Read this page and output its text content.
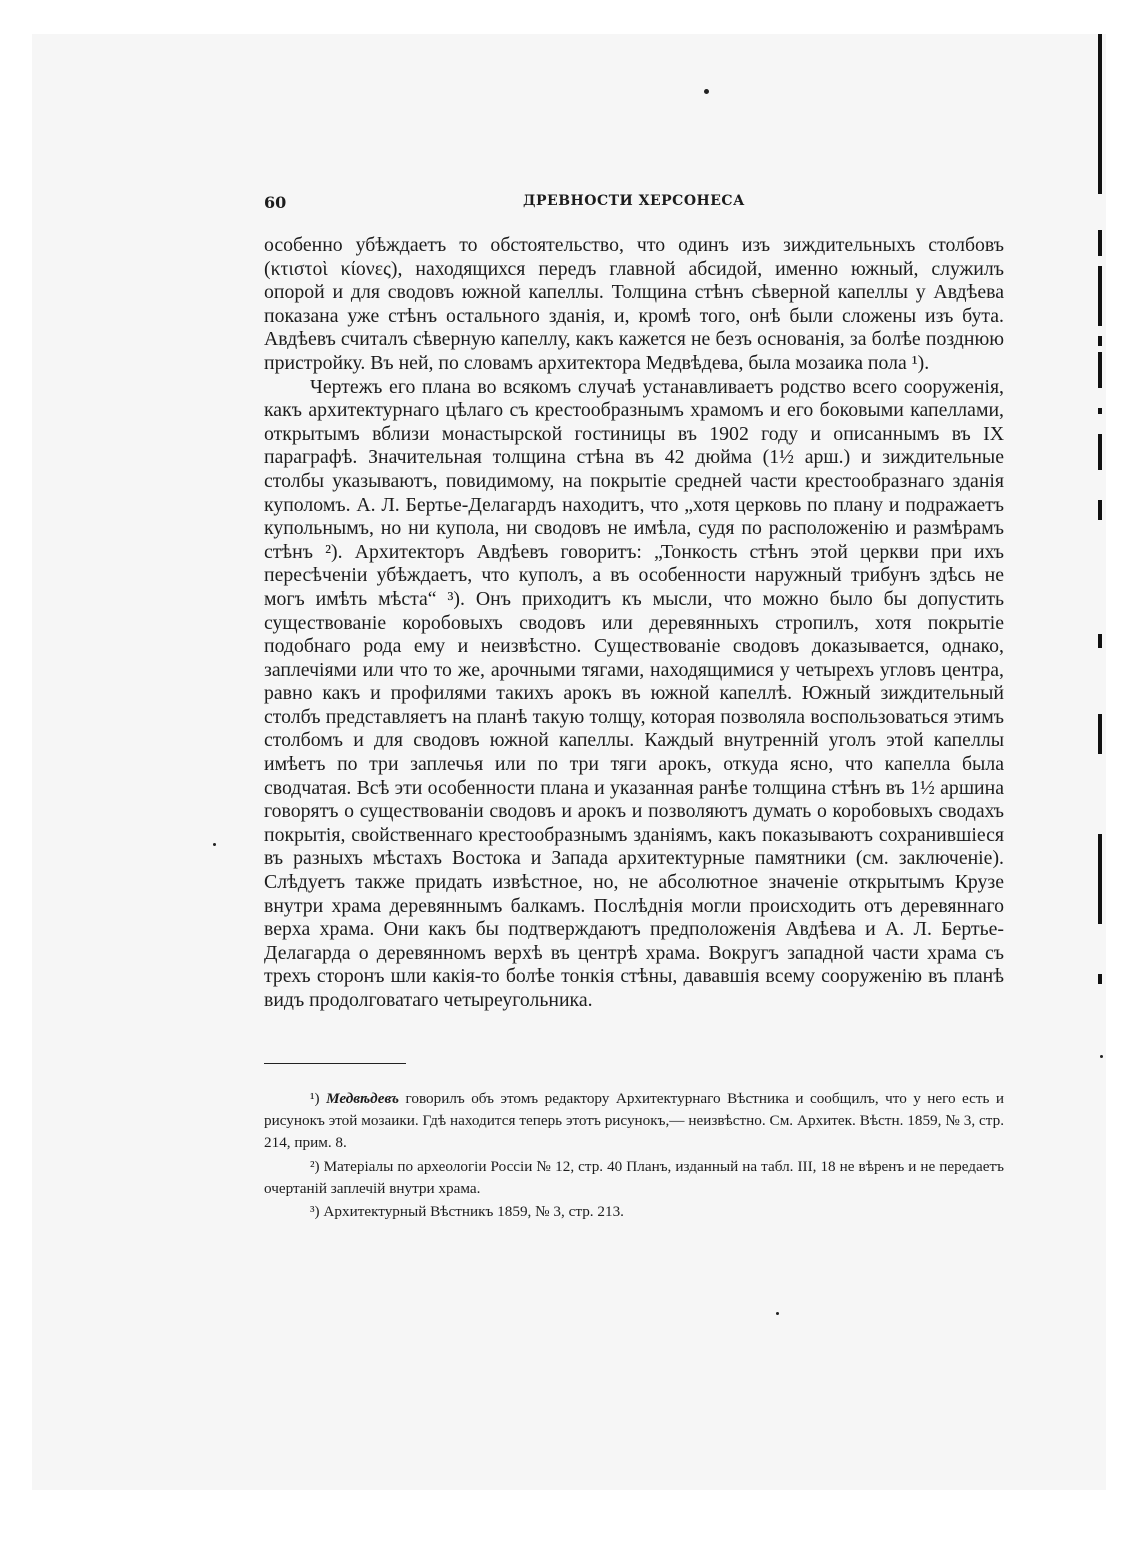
60	ДРЕВНОСТИ ХЕРСОНЕСА

особенно убѣждаетъ то обстоятельство, что одинъ изъ зиждительныхъ столбовъ (κτιστοὶ κίονες), находящихся передъ главной абсидой, именно южный, служилъ опорой и для сводовъ южной капеллы. Толщина стѣнъ сѣверной капеллы у Авдѣева показана уже стѣнъ остального зданія, и, кромѣ того, онѣ были сложены изъ бута. Авдѣевъ считалъ сѣверную капеллу, какъ кажется не безъ основанія, за болѣе позднюю пристройку. Въ ней, по словамъ архитектора Медвѣдева, была мозаика пола ¹).

Чертежъ его плана во всякомъ случаѣ устанавливаетъ родство всего сооруженія, какъ архитектурнаго цѣлаго съ крестообразнымъ храмомъ и его боковыми капеллами, открытымъ вблизи монастырской гостиницы въ 1902 году и описаннымъ въ IX параграфѣ. Значительная толщина стѣна въ 42 дюйма (1½ арш.) и зиждительные столбы указываютъ, повидимому, на покрытіе средней части крестообразнаго зданія куполомъ. А. Л. Бертье-Делагардъ находитъ, что „хотя церковь по плану и подражаетъ купольнымъ, но ни купола, ни сводовъ не имѣла, судя по расположенію и размѣрамъ стѣнъ ²). Архитекторъ Авдѣевъ говоритъ: „Тонкость стѣнъ этой церкви при ихъ пересѣченіи убѣждаетъ, что куполъ, а въ особенности наружный трибунъ здѣсь не могъ имѣть мѣста“ ³). Онъ приходитъ къ мысли, что можно было бы допустить существованіе коробовыхъ сводовъ или деревянныхъ стропилъ, хотя покрытіе подобнаго рода ему и неизвѣстно. Существованіе сводовъ доказывается, однако, заплечіями или что то же, арочными тягами, находящимися у четырехъ угловъ центра, равно какъ и профилями такихъ арокъ въ южной капеллѣ. Южный зиждительный столбъ представляетъ на планѣ такую толщу, которая позволяла воспользоваться этимъ столбомъ и для сводовъ южной капеллы. Каждый внутренній уголъ этой капеллы имѣетъ по три заплечья или по три тяги арокъ, откуда ясно, что капелла была сводчатая. Всѣ эти особенности плана и указанная ранѣе толщина стѣнъ въ 1½ аршина говорятъ о существованіи сводовъ и арокъ и позволяютъ думать о коробовыхъ сводахъ покрытія, свойственнаго крестообразнымъ зданіямъ, какъ показываютъ сохранившіеся въ разныхъ мѣстахъ Востока и Запада архитектурные памятники (см. заключеніе). Слѣдуетъ также придать извѣстное, но, не абсолютное значеніе открытымъ Крузе внутри храма деревяннымъ балкамъ. Послѣднія могли происходить отъ деревяннаго верха храма. Они какъ бы подтверждаютъ предположенія Авдѣева и А. Л. Бертье-Делагарда о деревянномъ верхѣ въ центрѣ храма. Вокругъ западной части храма съ трехъ сторонъ шли какія-то болѣе тонкія стѣны, дававшія всему сооруженію въ планѣ видъ продолговатаго четыреугольника.

¹) Медвѣдевъ говорилъ объ этомъ редактору Архитектурнаго Вѣстника и сообщилъ, что у него есть и рисунокъ этой мозаики. Гдѣ находится теперь этотъ рисунокъ,— неизвѣстно. См. Архитек. Вѣстн. 1859, № 3, стр. 214, прим. 8.

²) Матеріалы по археологіи Россіи № 12, стр. 40 Планъ, изданный на табл. III, 18 не вѣренъ и не передаетъ очертаній заплечій внутри храма.

³) Архитектурный Вѣстникъ 1859, № 3, стр. 213.
